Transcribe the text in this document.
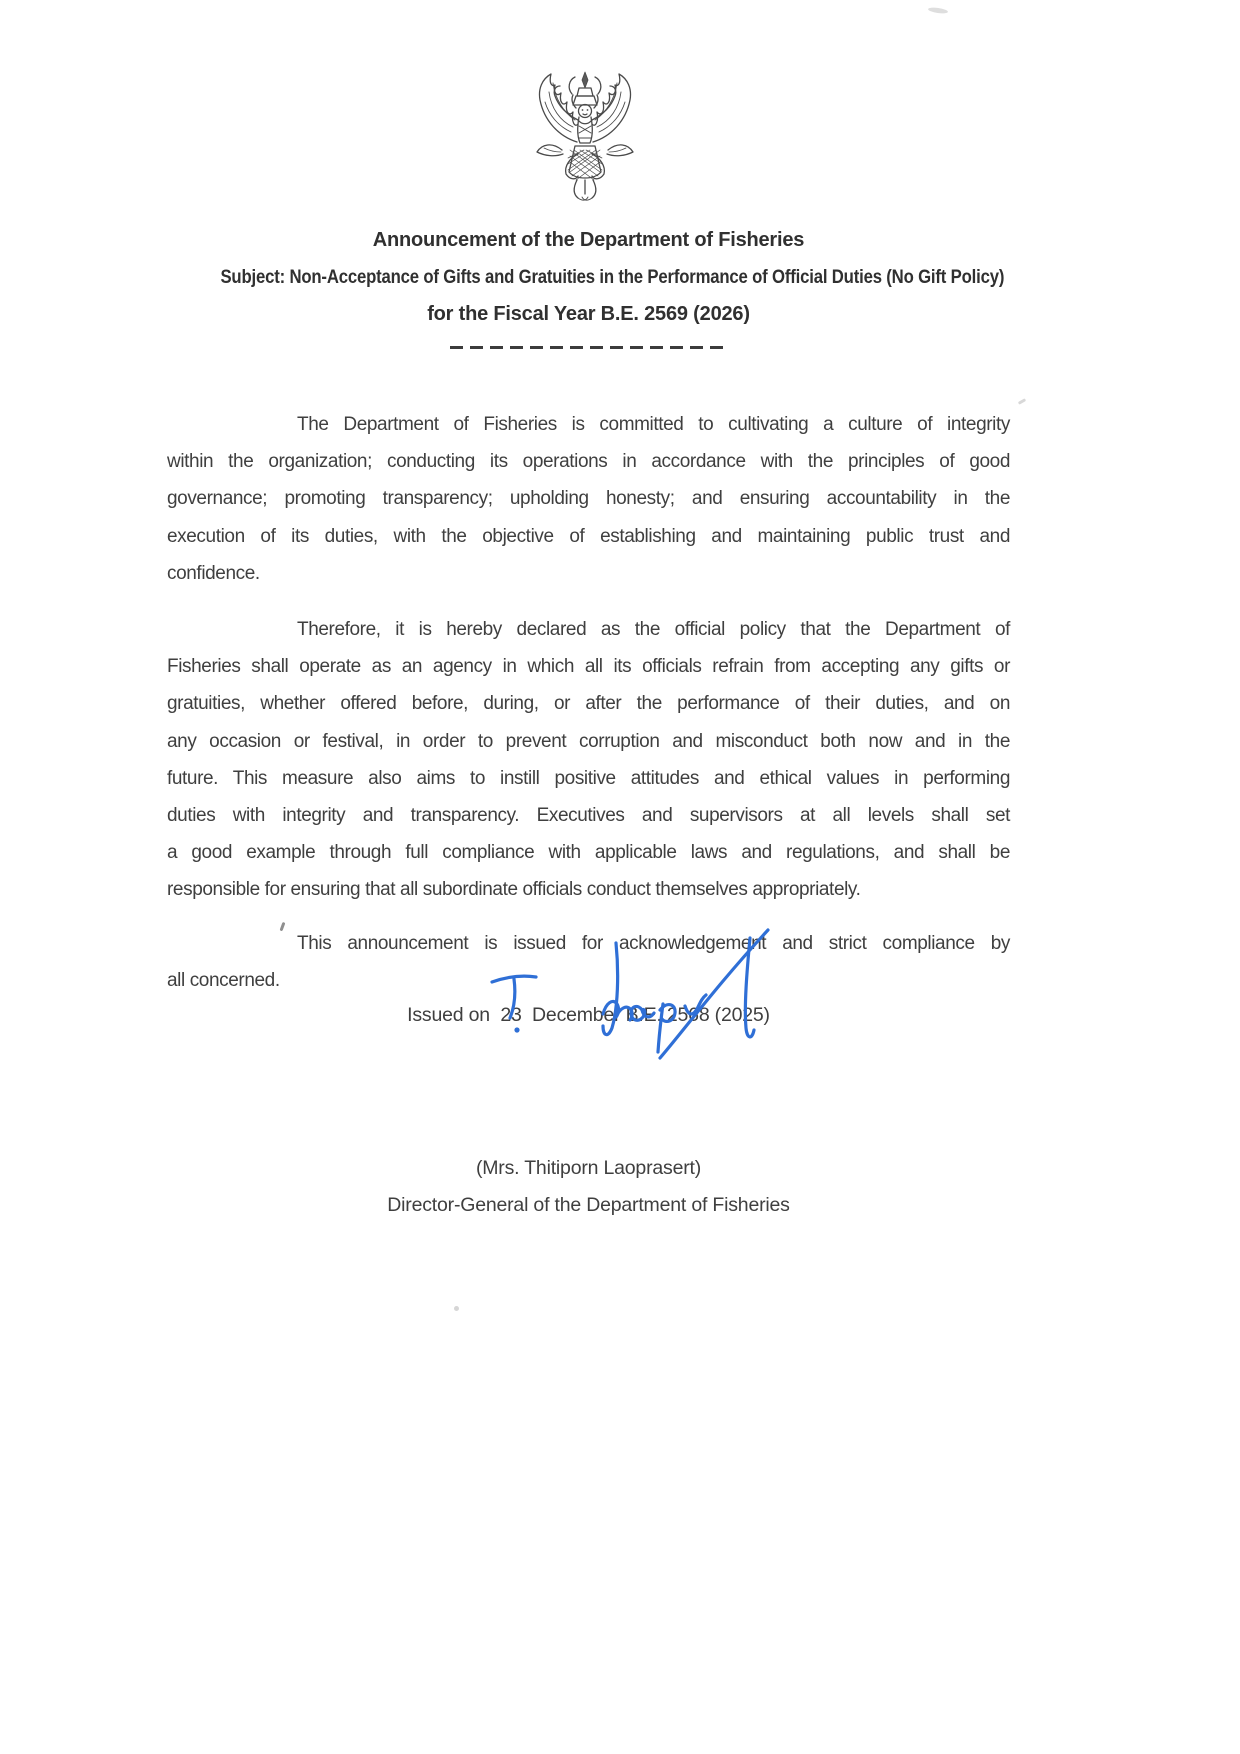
Announcement of the Department of Fisheries
Subject: Non-Acceptance of Gifts and Gratuities in the Performance of Official Duties (No Gift Policy)
for the Fiscal Year B.E. 2569 (2026)
The Department of Fisheries is committed to cultivating a culture of integrity
within the organization; conducting its operations in accordance with the principles of good
governance; promoting transparency; upholding honesty; and ensuring accountability in the
execution of its duties, with the objective of establishing and maintaining public trust and
confidence.
Therefore, it is hereby declared as the official policy that the Department of
Fisheries shall operate as an agency in which all its officials refrain from accepting any gifts or
gratuities, whether offered before, during, or after the performance of their duties, and on
any occasion or festival, in order to prevent corruption and misconduct both now and in the
future. This measure also aims to instill positive attitudes and ethical values in performing
duties with integrity and transparency. Executives and supervisors at all levels shall set
a good example through full compliance with applicable laws and regulations, and shall be
responsible for ensuring that all subordinate officials conduct themselves appropriately.
This announcement is issued for acknowledgement and strict compliance by
all concerned.
Issued on  23  December B.E. 2568 (2025)
(Mrs. Thitiporn Laoprasert)
Director-General of the Department of Fisheries
